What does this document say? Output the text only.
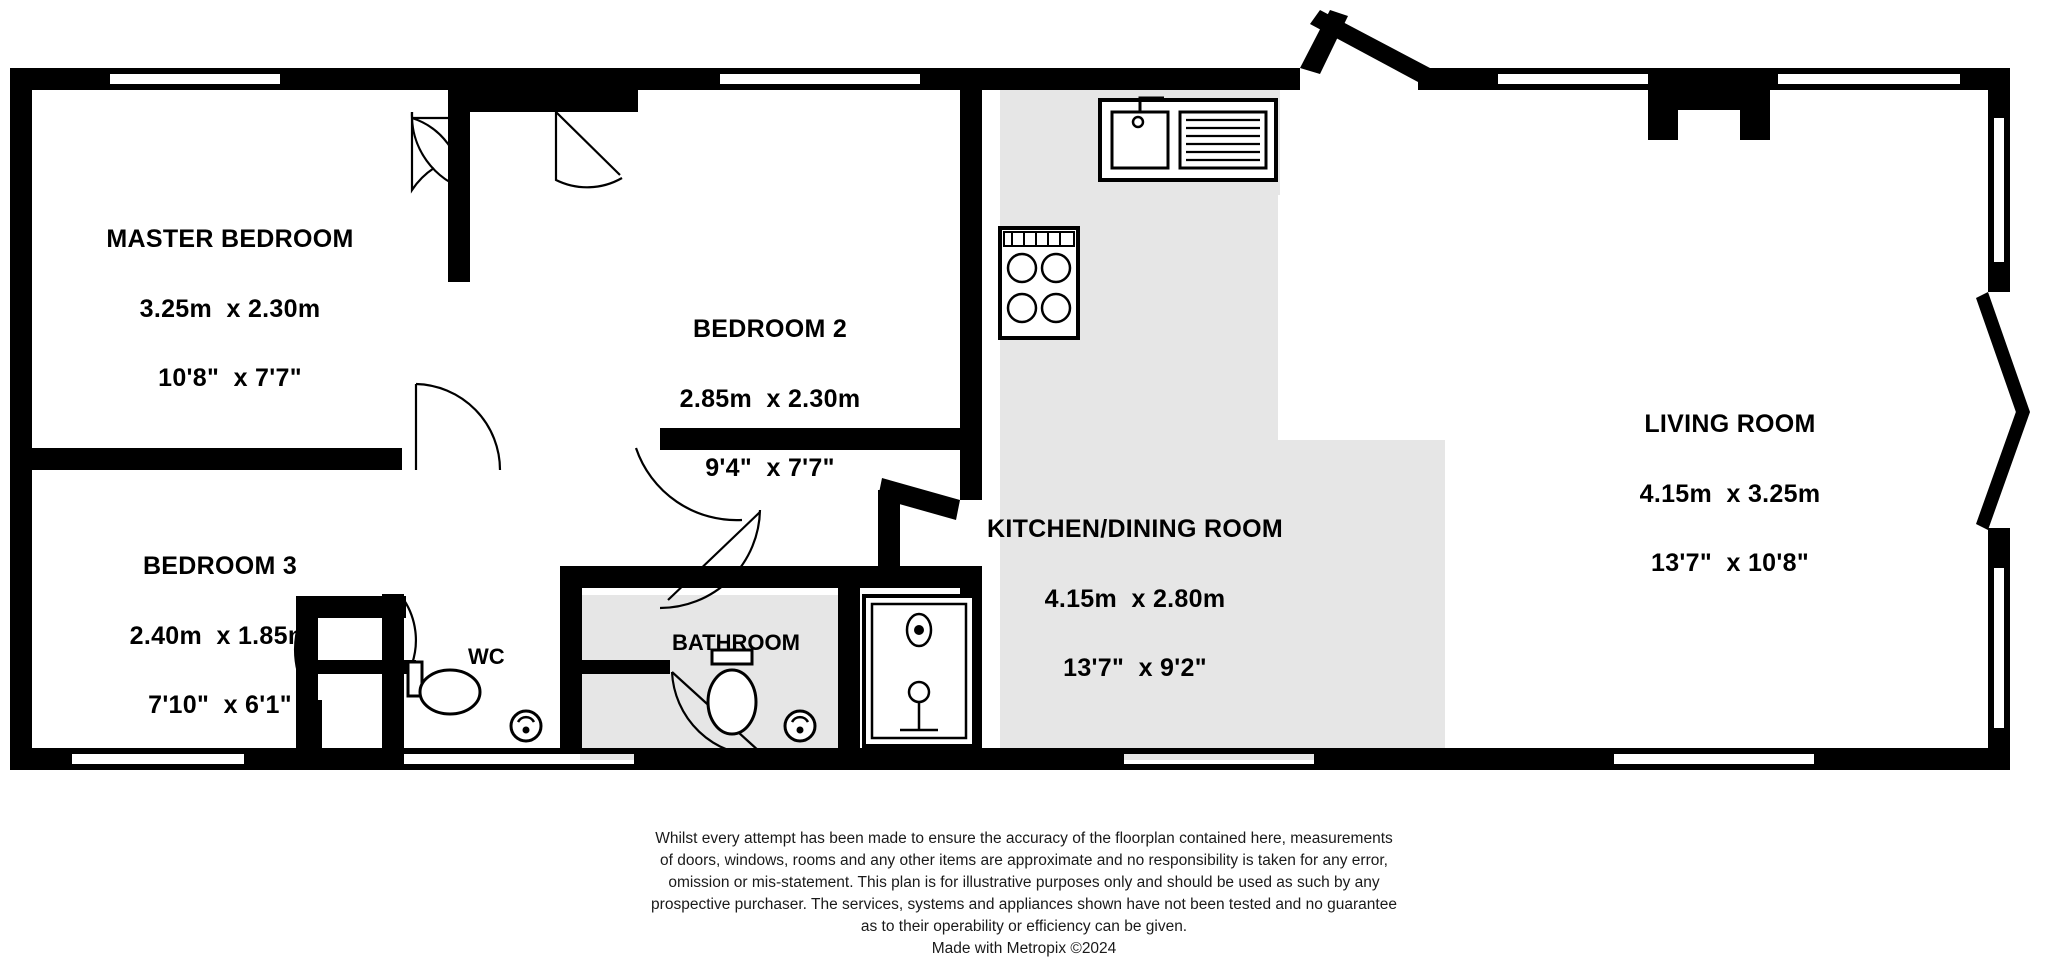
MASTER BEDROOM

3.25m  x 2.30m

10'8"  x 7'7"

BEDROOM 2

2.85m  x 2.30m

9'4"  x 7'7"

BEDROOM 3

2.40m  x 1.85m

7'10"  x 6'1"

KITCHEN/DINING ROOM

4.15m  x 2.80m

13'7"  x 9'2"

LIVING ROOM

4.15m  x 3.25m

13'7"  x 10'8"

WC
BATHROOM

Whilst every attempt has been made to ensure the accuracy of the floorplan contained here, measurements

of doors, windows, rooms and any other items are approximate and no responsibility is taken for any error,

omission or mis-statement. This plan is for illustrative purposes only and should be used as such by any

prospective purchaser. The services, systems and appliances shown have not been tested and no guarantee

as to their operability or efficiency can be given.

Made with Metropix ©2024
